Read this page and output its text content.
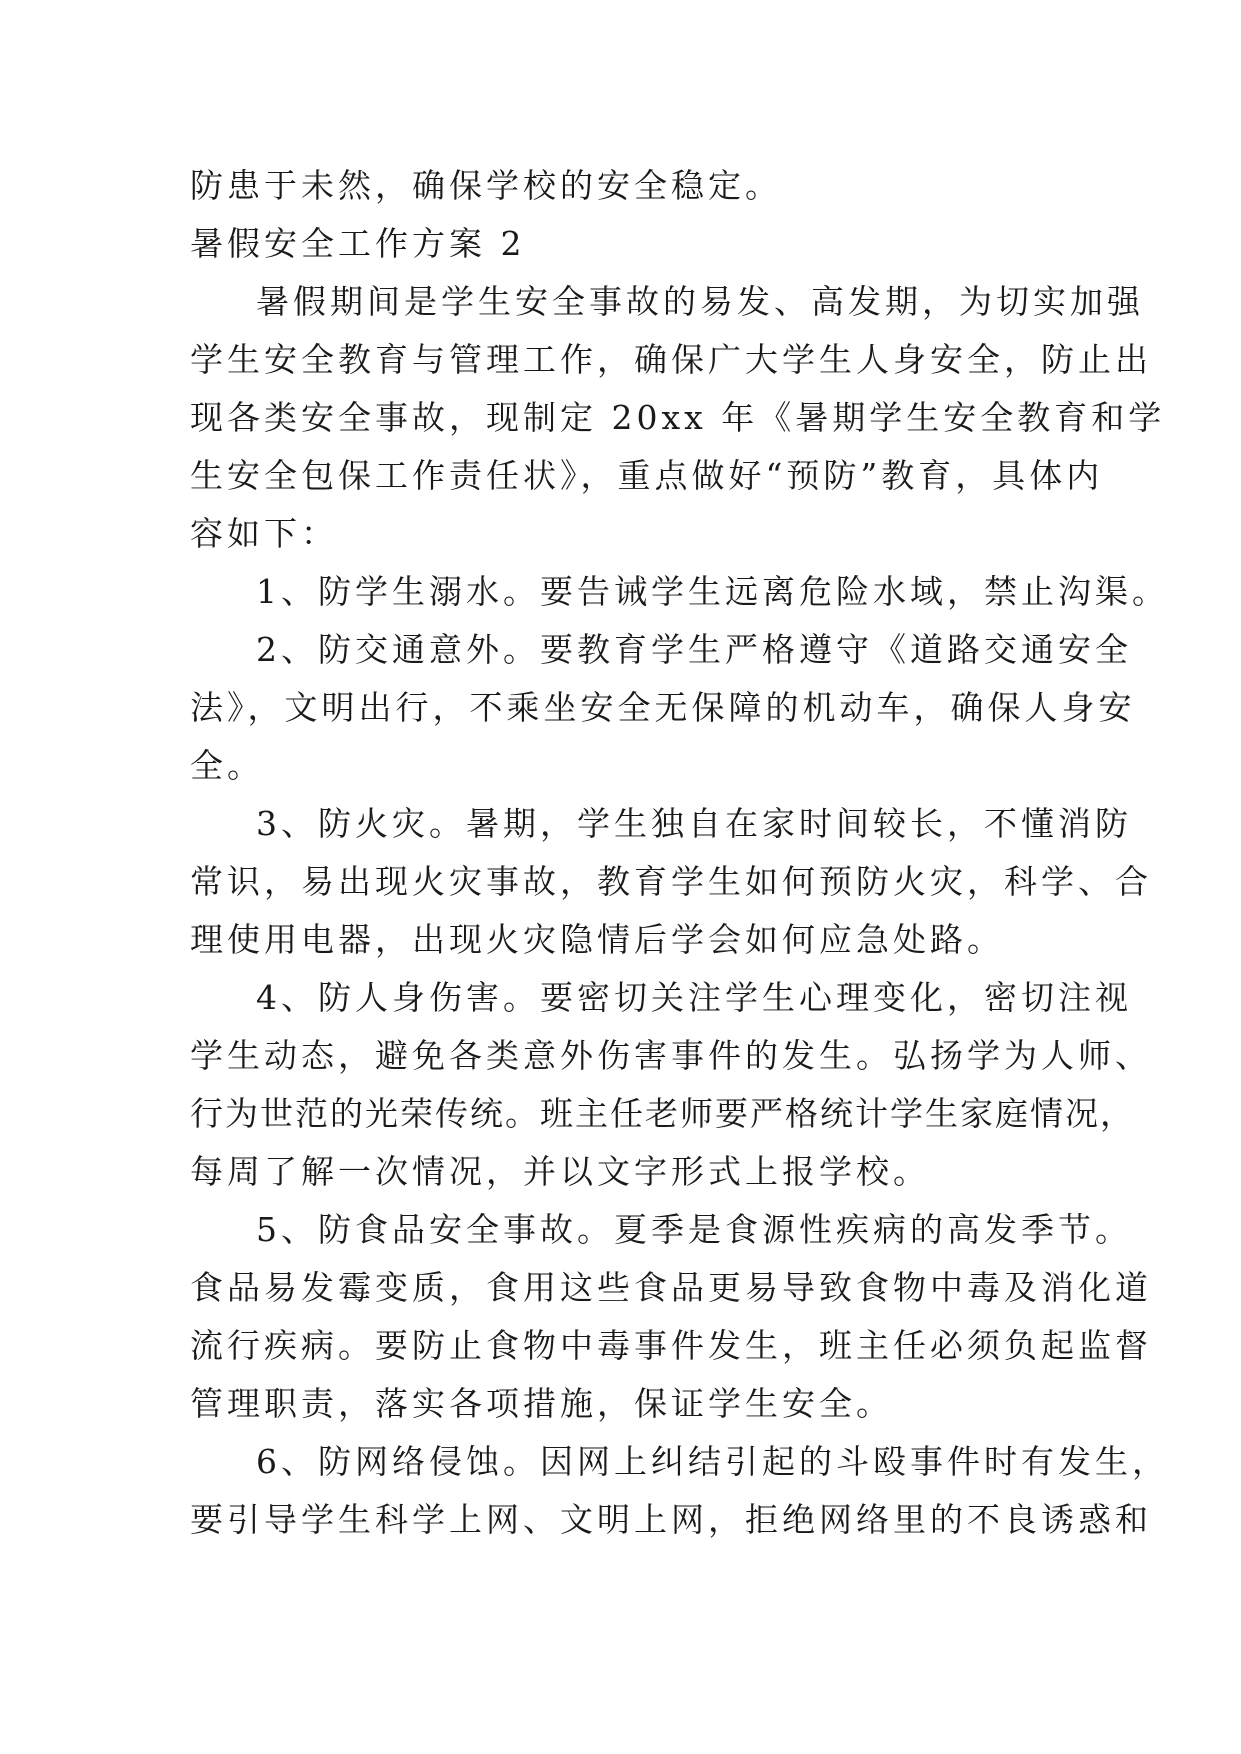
防患于未然，确保学校的安全稳定。
暑假安全工作方案 2
暑假期间是学生安全事故的易发、高发期，为切实加强
学生安全教育与管理工作，确保广大学生人身安全，防止出
现各类安全事故，现制定 20xx 年《暑期学生安全教育和学
生安全包保工作责任状》，重点做好“预防”教育，具体内
容如下：
1、防学生溺水。要告诫学生远离危险水域，禁止沟渠。
2、防交通意外。要教育学生严格遵守《道路交通安全
法》，文明出行，不乘坐安全无保障的机动车，确保人身安
全。
3、防火灾。暑期，学生独自在家时间较长，不懂消防
常识，易出现火灾事故，教育学生如何预防火灾，科学、合
理使用电器，出现火灾隐情后学会如何应急处路。
4、防人身伤害。要密切关注学生心理变化，密切注视
学生动态，避免各类意外伤害事件的发生。弘扬学为人师、
行为世范的光荣传统。班主任老师要严格统计学生家庭情况，
每周了解一次情况，并以文字形式上报学校。
5、防食品安全事故。夏季是食源性疾病的高发季节。
食品易发霉变质，食用这些食品更易导致食物中毒及消化道
流行疾病。要防止食物中毒事件发生，班主任必须负起监督
管理职责，落实各项措施，保证学生安全。
6、防网络侵蚀。因网上纠结引起的斗殴事件时有发生，
要引导学生科学上网、文明上网，拒绝网络里的不良诱惑和
